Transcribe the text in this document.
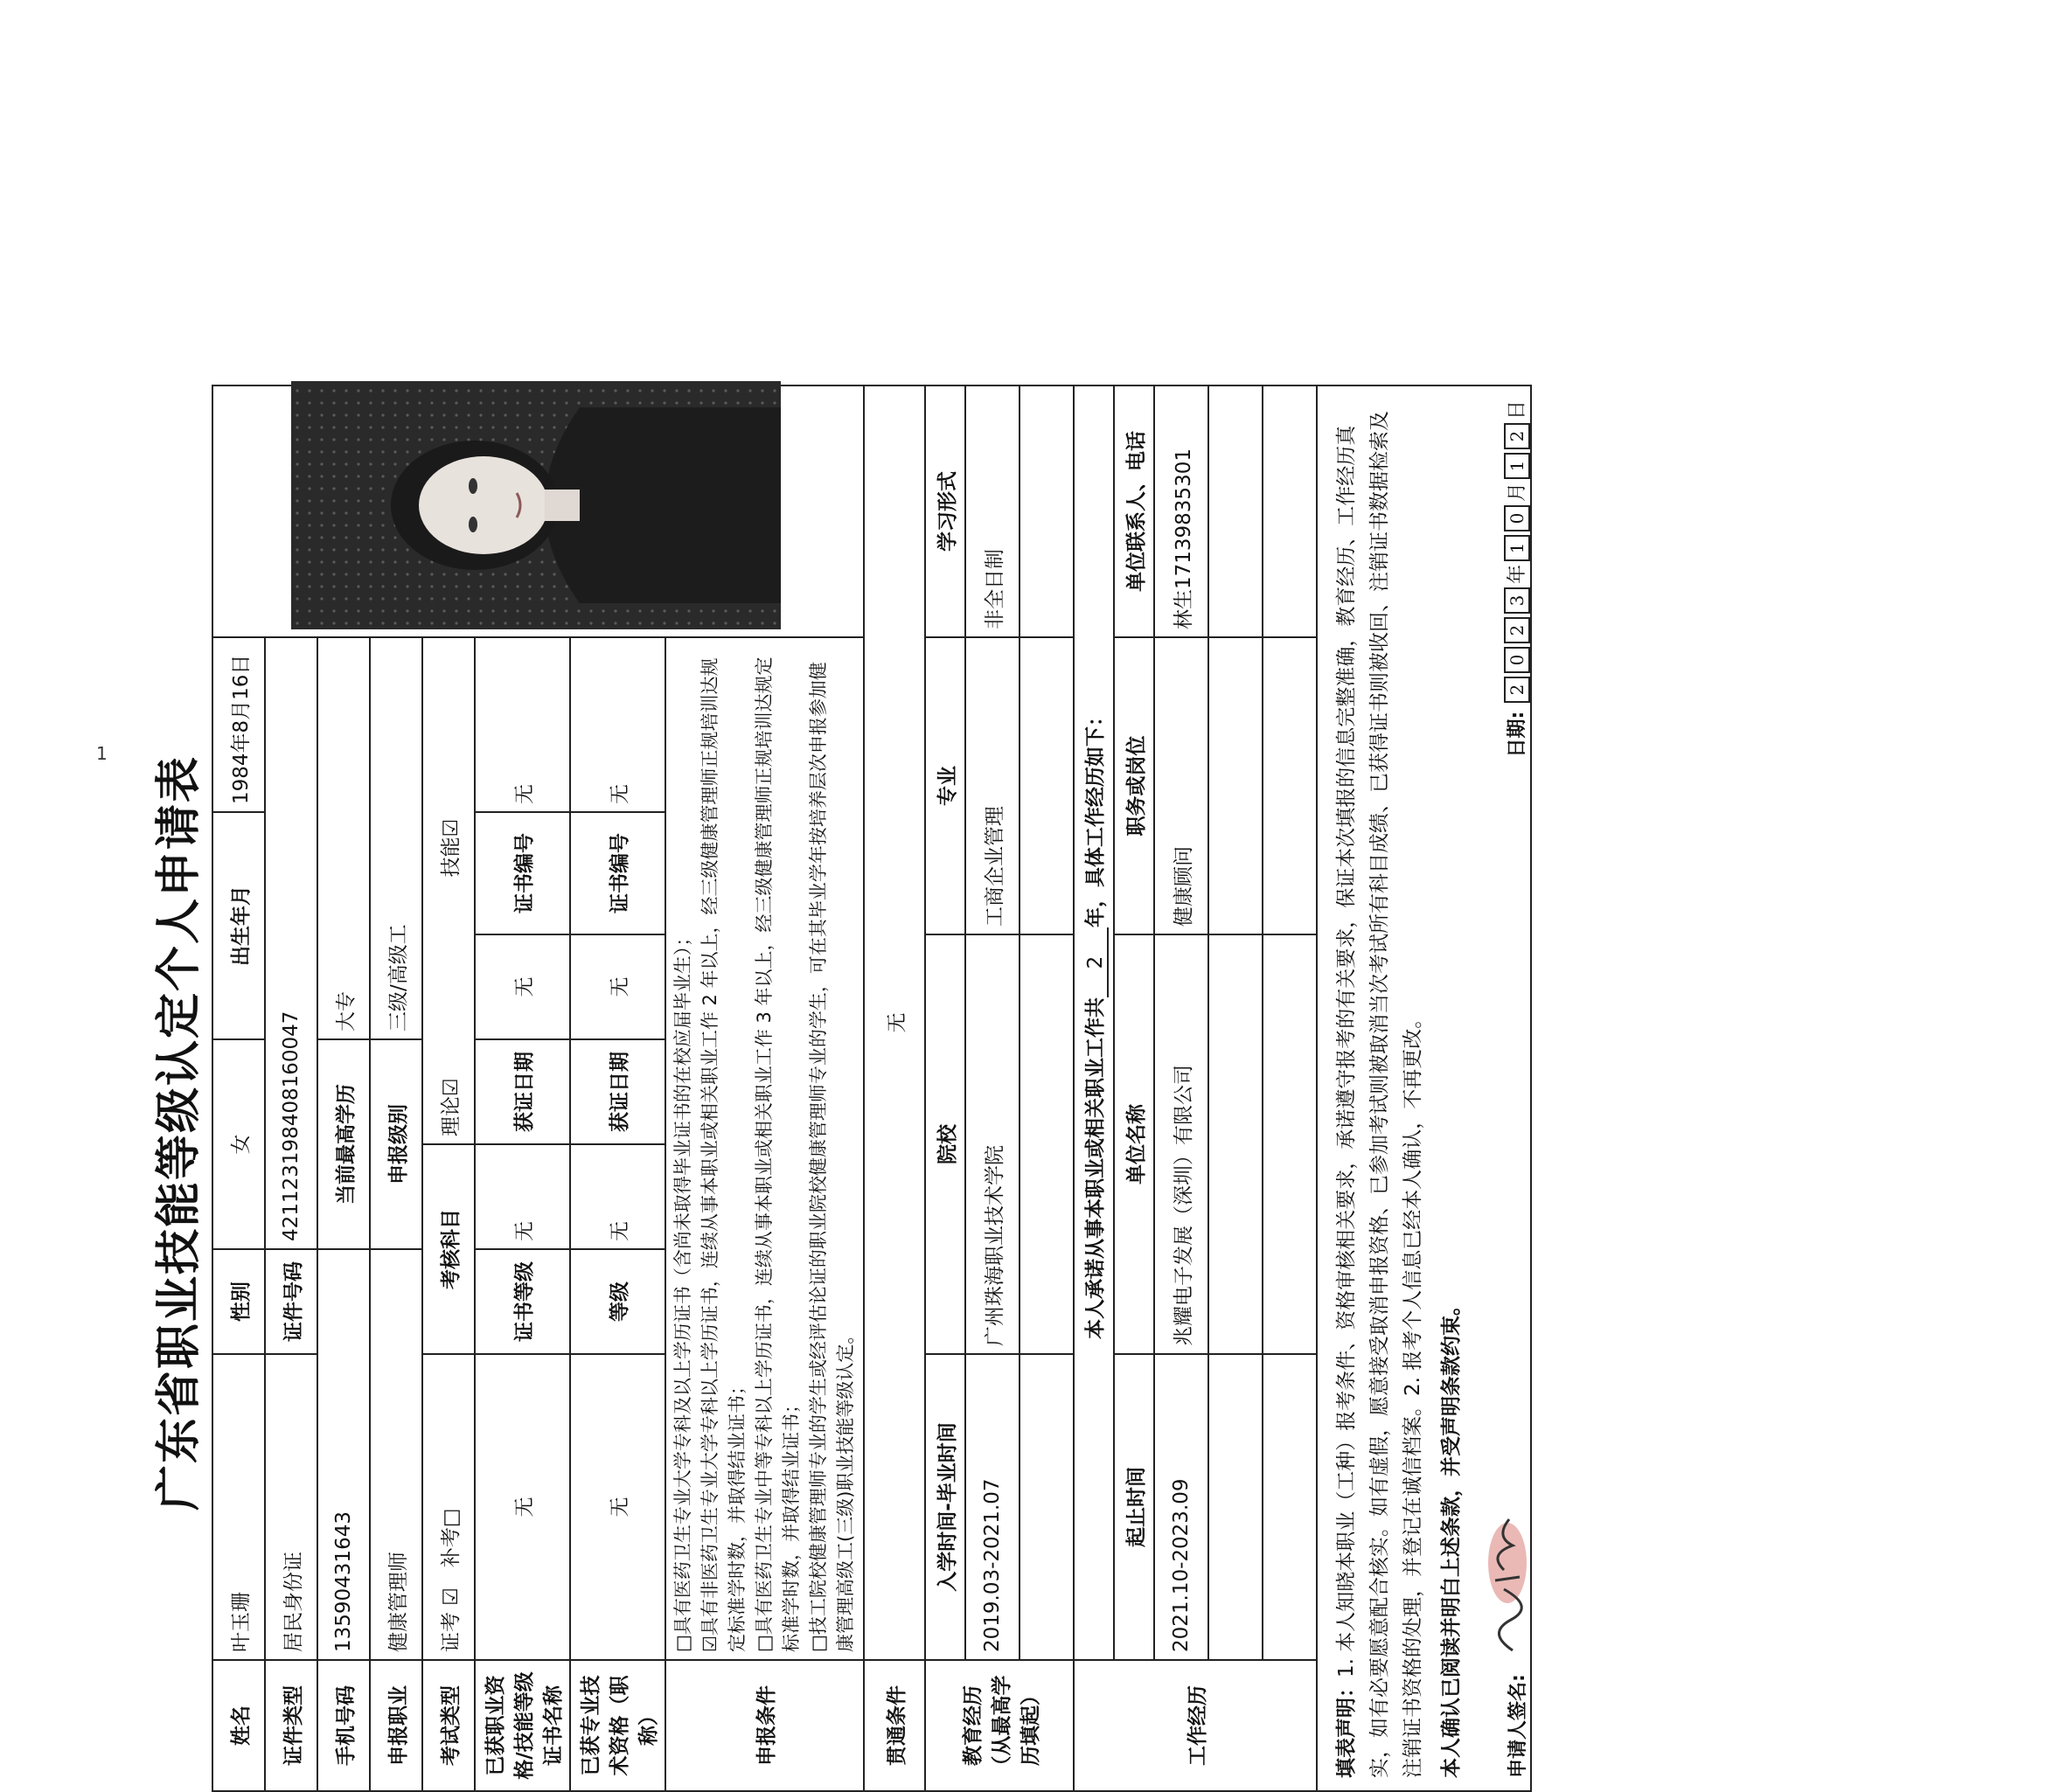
1
广东省职业技能等级认定个人申请表
姓名	叶玉珊	性别	女		出生年月		1984年8月16日	
证件类型	居民身份证	证件号码	421123198408160047					
手机号码	13590431643		当前最高学历		大专			
申报职业	健康管理师		申报级别		三级/高级工			
考试类型	证考 ☑　补考□	考核科目		理论☑　　　　　　　　　　技能☑				
已获职业资格/技能等级证书名称	无	证书等级	无	获证日期	无	证书编号	无	
已获专业技术资格（职称）	无	等级	无	获证日期	无	证书编号	无	
申报条件	□具有医药卫生专业大学专科及以上学历证书（含尚未取得毕业证书的在校应届毕业生）； ☑具有非医药卫生专业大学专科以上学历证书，连续从事本职业或相关职业工作 2 年以上，经三级健康管理师正规培训达规定标准学时数，并取得结业证书； □具有医药卫生专业中等专科以上学历证书，连续从事本职业或相关职业工作 3 年以上，经三级健康管理师正规培训达规定标准学时数，并取得结业证书； □技工院校健康管理师专业的学生或经评估论证的职业院校健康管理师专业的学生，可在其毕业学年按培养层次申报参加健康管理高级工(三级)职业技能等级认定。							

贯通条件	无							
教育经历（从最高学历填起）	入学时间-毕业时间	院校				专业		学习形式
	2019.03-2021.07	广州珠海职业技术学院				工商企业管理		非全日制

工作经历	本人承诺从事本职业或相关职业工作共2年，具体工作经历如下：							
	起止时间	单位名称				职务或岗位		单位联系人、电话
	2021.10-2023.09	兆耀电子发展（深圳）有限公司				健康顾问		林生17139835301

填表声明：1. 本人知晓本职业（工种）报考条件、资格审核相关要求，承诺遵守报考的有关要求，保证本次填报的信息完整准确，教育经历、工作经历真实，如有必要愿意配合核实。如有虚假，愿意接受取消申报资格、已参加考试则被取消当次考试所有科目成绩、已获得证书则被收回、注销证书数据检索及注销证书资格的处理，并登记在诚信档案。2. 报考个人信息已经本人确认，不再更改。 本人确认已阅读并明白上述条款，并受声明条款约束。 申请人签名:
日期: 2023年10月12日								
